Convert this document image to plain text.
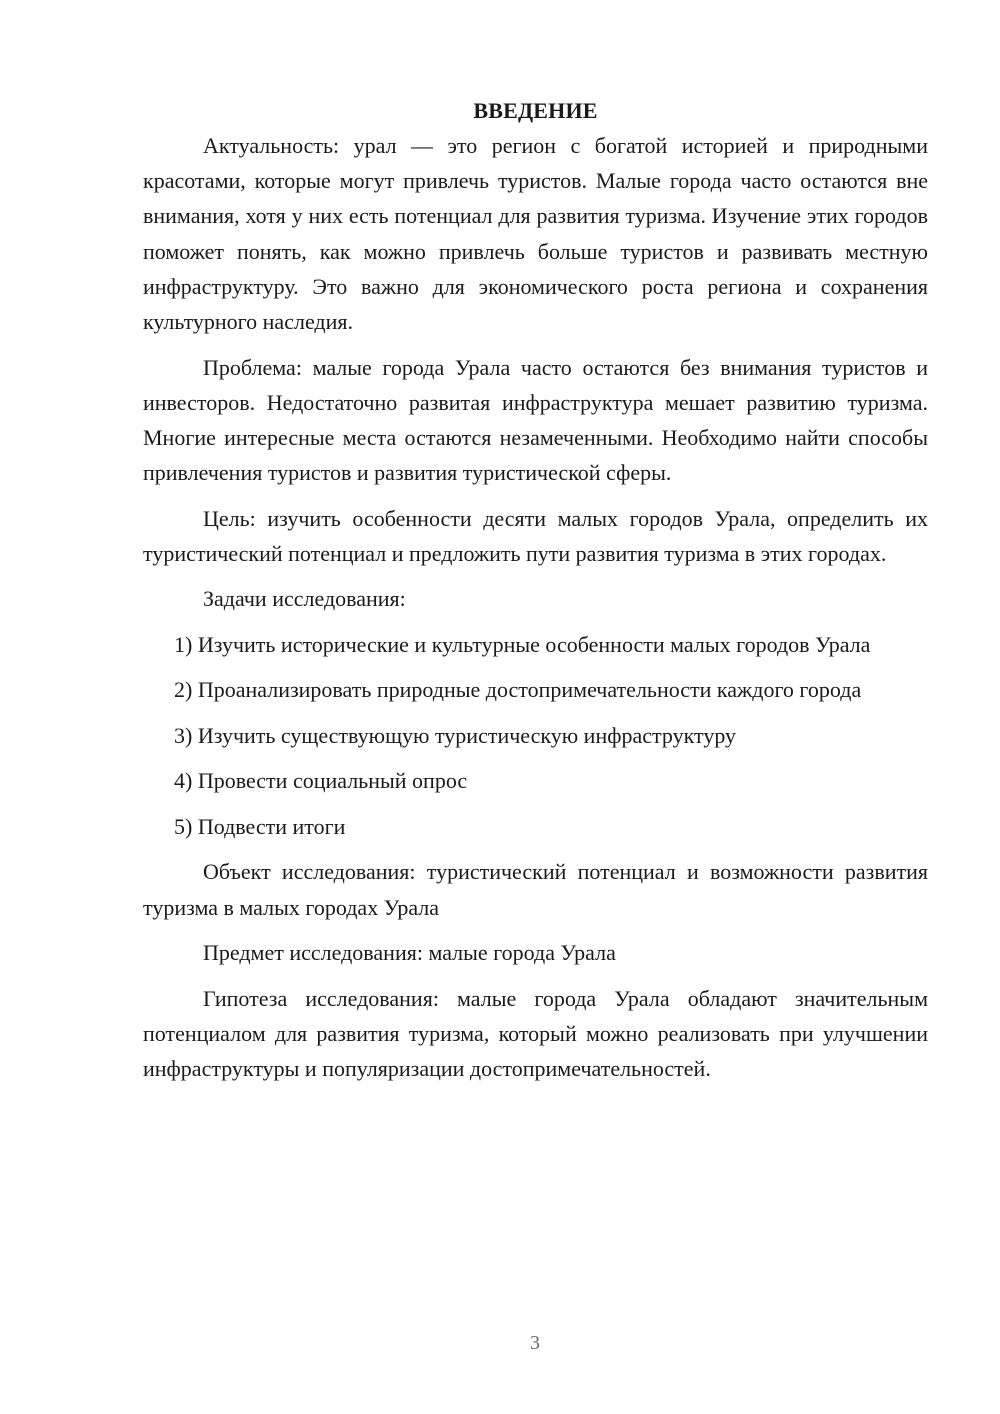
ВВЕДЕНИЕ

Актуальность: урал — это регион с богатой историей и природными красотами, которые могут привлечь туристов. Малые города часто остаются вне внимания, хотя у них есть потенциал для развития туризма. Изучение этих городов поможет понять, как можно привлечь больше туристов и развивать местную инфраструктуру. Это важно для экономического роста региона и сохранения культурного наследия.

Проблема: малые города Урала часто остаются без внимания туристов и инвесторов. Недостаточно развитая инфраструктура мешает развитию туризма. Многие интересные места остаются незамеченными. Необходимо найти способы привлечения туристов и развития туристической сферы.

Цель: изучить особенности десяти малых городов Урала, определить их туристический потенциал и предложить пути развития туризма в этих городах.

Задачи исследования:

1) Изучить исторические и культурные особенности малых городов Урала

2) Проанализировать природные достопримечательности каждого города

3) Изучить существующую туристическую инфраструктуру

4) Провести социальный опрос

5) Подвести итоги

Объект исследования: туристический потенциал и возможности развития туризма в малых городах Урала

Предмет исследования: малые города Урала

Гипотеза исследования: малые города Урала обладают значительным потенциалом для развития туризма, который можно реализовать при улучшении инфраструктуры и популяризации достопримечательностей.

3
